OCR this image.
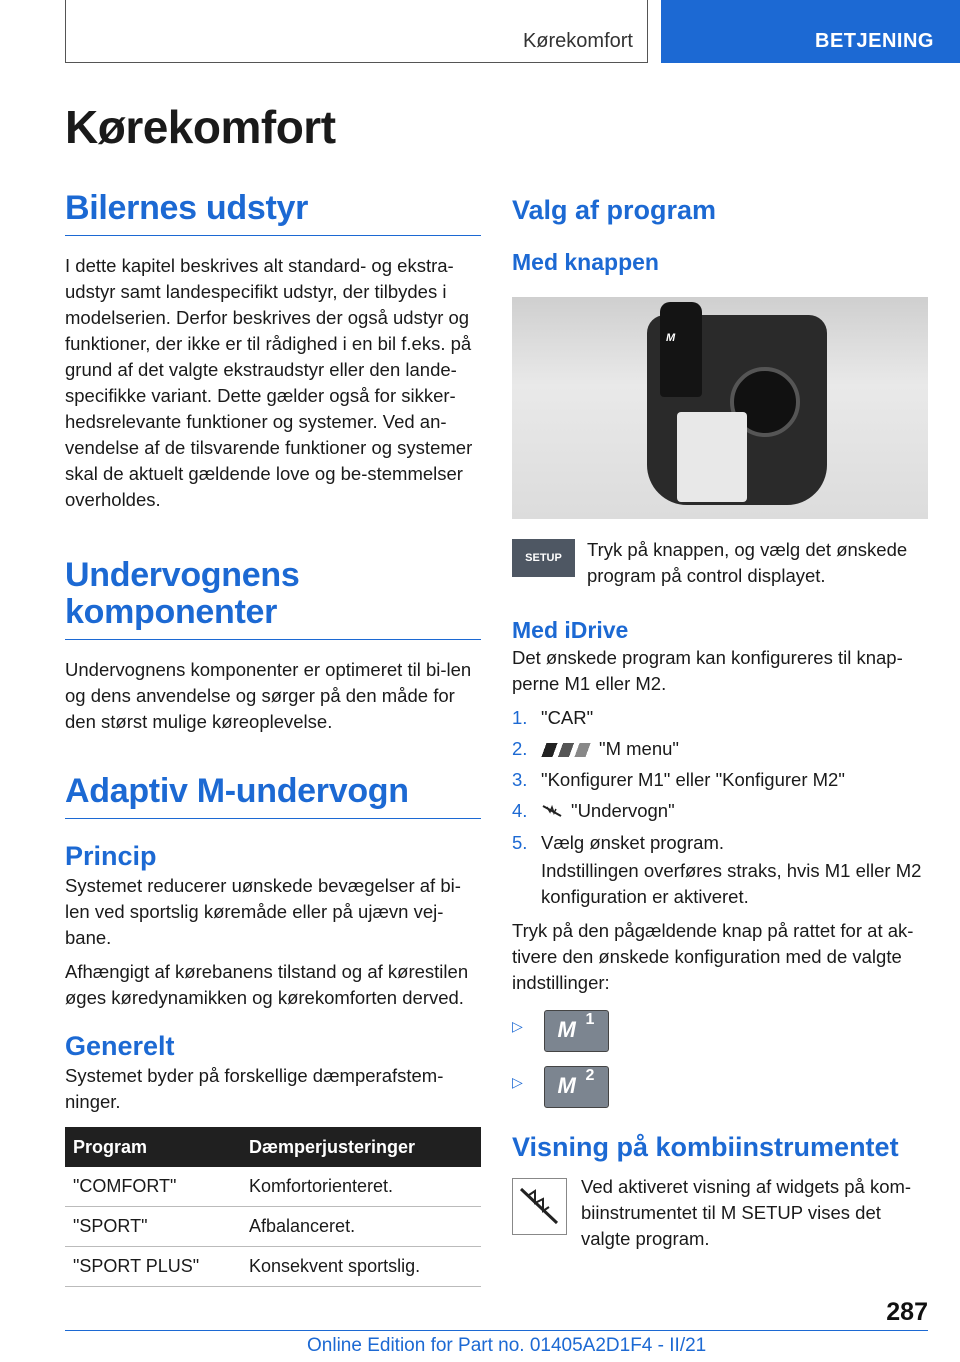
Kørekomfort	BETJENING
Kørekomfort
Bilernes udstyr

I dette kapitel beskrives alt standard- og ekstra-udstyr samt landespecifikt udstyr, der tilbydes i modelserien. Derfor beskrives der også udstyr og funktioner, der ikke er til rådighed i en bil f.eks. på grund af det valgte ekstraudstyr eller den lande-specifikke variant. Dette gælder også for sikker-hedsrelevante funktioner og systemer. Ved an-vendelse af de tilsvarende funktioner og systemer skal de aktuelt gældende love og be-stemmelser overholdes.

Undervognens
komponenter

Undervognens komponenter er optimeret til bi-len og dens anvendelse og sørger på den måde for den størst mulige køreoplevelse.

Adaptiv M-undervogn
Princip

Systemet reducerer uønskede bevægelser af bi-len ved sportslig køremåde eller på ujævn vej-bane.

Afhængigt af kørebanens tilstand og af kørestilen øges køredynamikken og kørekomforten derved.

Generelt

Systemet byder på forskellige dæmperafstem-ninger.

Program	Dæmperjusteringer
"COMFORT"	Komfortorienteret.
"SPORT"	Afbalanceret.
"SPORT PLUS"	Konsekvent sportslig.
Valg af program
Med knappen
M
SETUP	Tryk på knappen, og vælg det ønskede program på control displayet.

Med iDrive

Det ønskede program kan konfigureres til knap-perne M1 eller M2.

1. "CAR"
2.	"M menu"
3. "Konfigurer M1" eller "Konfigurer M2"
4. "Undervogn"
5. Vælg ønsket program.

Indstillingen overføres straks, hvis M1 eller M2 konfiguration er aktiveret.

Tryk på den pågældende knap på rattet for at ak-tivere den ønskede konfiguration med de valgte indstillinger:

▷ M 1
▷ M 2
Visning på kombiinstrumentet

Ved aktiveret visning af widgets på kom-biinstrumentet til M SETUP vises det valgte program.

287
Online Edition for Part no. 01405A2D1F4 - II/21
